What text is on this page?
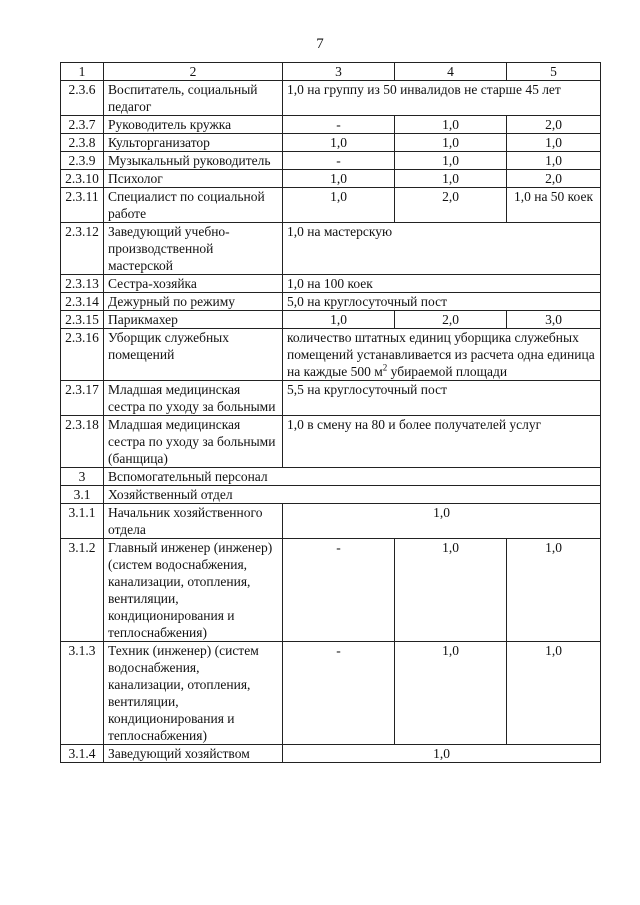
7
1	2	3	4	5
2.3.6	Воспитатель, социальный педагог	1,0 на группу из 50 инвалидов не старше 45 лет		
2.3.7	Руководитель кружка	-	1,0	2,0
2.3.8	Культорганизатор	1,0	1,0	1,0
2.3.9	Музыкальный руководитель	-	1,0	1,0
2.3.10	Психолог	1,0	1,0	2,0
2.3.11	Специалист по социальной работе	1,0	2,0	1,0 на 50 коек
2.3.12	Заведующий учебно-производственной мастерской	1,0 на мастерскую		
2.3.13	Сестра-хозяйка	1,0 на 100 коек		
2.3.14	Дежурный по режиму	5,0 на круглосуточный пост		
2.3.15	Парикмахер	1,0	2,0	3,0
2.3.16	Уборщик служебных помещений	количество штатных единиц уборщика служебных помещений устанавливается из расчета одна единица на каждые 500 $м^2$ убираемой площади		
2.3.17	Младшая медицинская сестра по уходу за больными	5,5 на круглосуточный пост		
2.3.18	Младшая медицинская сестра по уходу за больными (банщица)	1,0 в смену на 80 и более получателей услуг		
3	Вспомогательный персонал			
3.1	Хозяйственный отдел			
3.1.1	Начальник хозяйственного отдела	1,0		
3.1.2	Главный инженер (инженер) (систем водоснабжения, канализации, отопления, вентиляции, кондиционирования и теплоснабжения)	-	1,0	1,0
3.1.3	Техник (инженер) (систем водоснабжения, канализации, отопления, вентиляции, кондиционирования и теплоснабжения)	-	1,0	1,0
3.1.4	Заведующий хозяйством	1,0		
